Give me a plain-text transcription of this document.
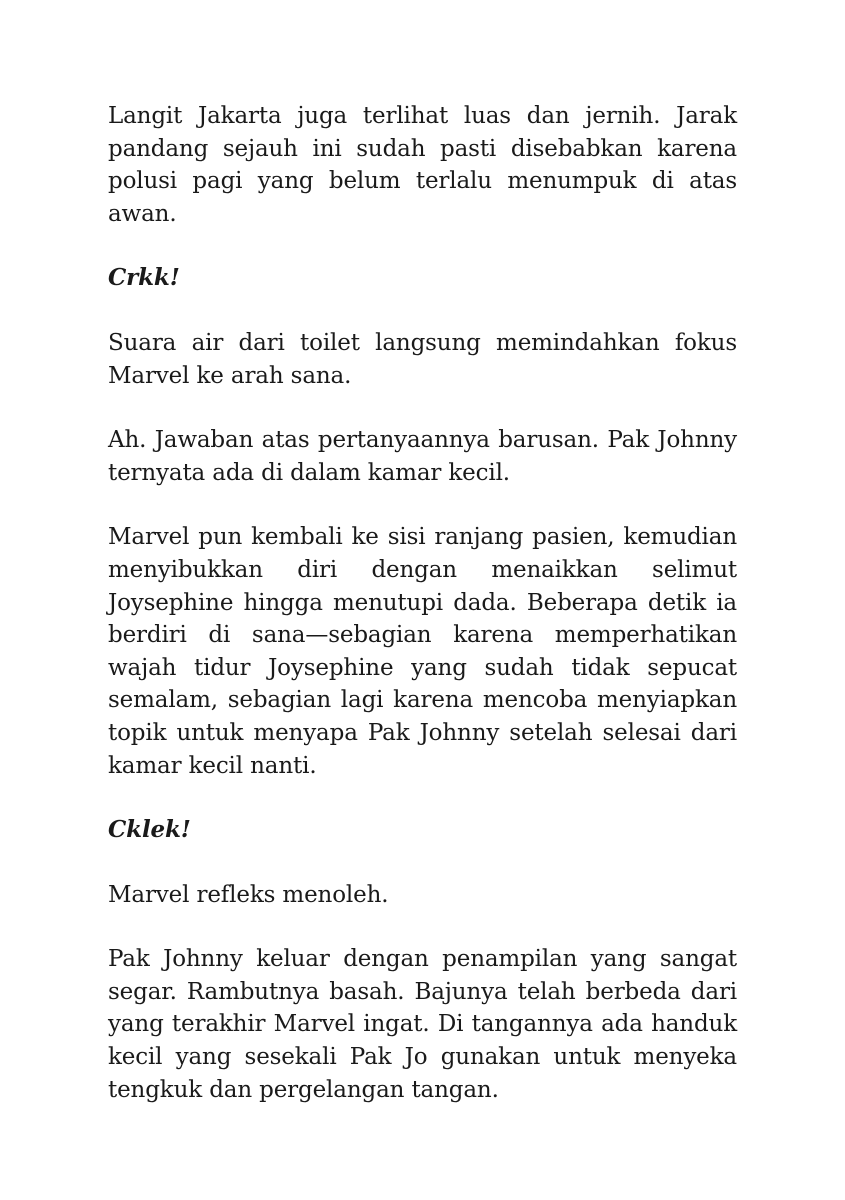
Langit Jakarta juga terlihat luas dan jernih. Jarak pandang sejauh ini sudah pasti disebabkan karena polusi pagi yang belum terlalu menumpuk di atas awan.

Crkk!

Suara air dari toilet langsung memindahkan fokus Marvel ke arah sana.

Ah. Jawaban atas pertanyaannya barusan. Pak Johnny ternyata ada di dalam kamar kecil.

Marvel pun kembali ke sisi ranjang pasien, kemudian menyibukkan diri dengan menaikkan selimut Joysephine hingga menutupi dada. Beberapa detik ia berdiri di sana—sebagian karena memperhatikan wajah tidur Joysephine yang sudah tidak sepucat semalam, sebagian lagi karena mencoba menyiapkan topik untuk menyapa Pak Johnny setelah selesai dari kamar kecil nanti.

Cklek!

Marvel refleks menoleh.

Pak Johnny keluar dengan penampilan yang sangat segar. Rambutnya basah. Bajunya telah berbeda dari yang terakhir Marvel ingat. Di tangannya ada handuk kecil yang sesekali Pak Jo gunakan untuk menyeka tengkuk dan pergelangan tangan.
